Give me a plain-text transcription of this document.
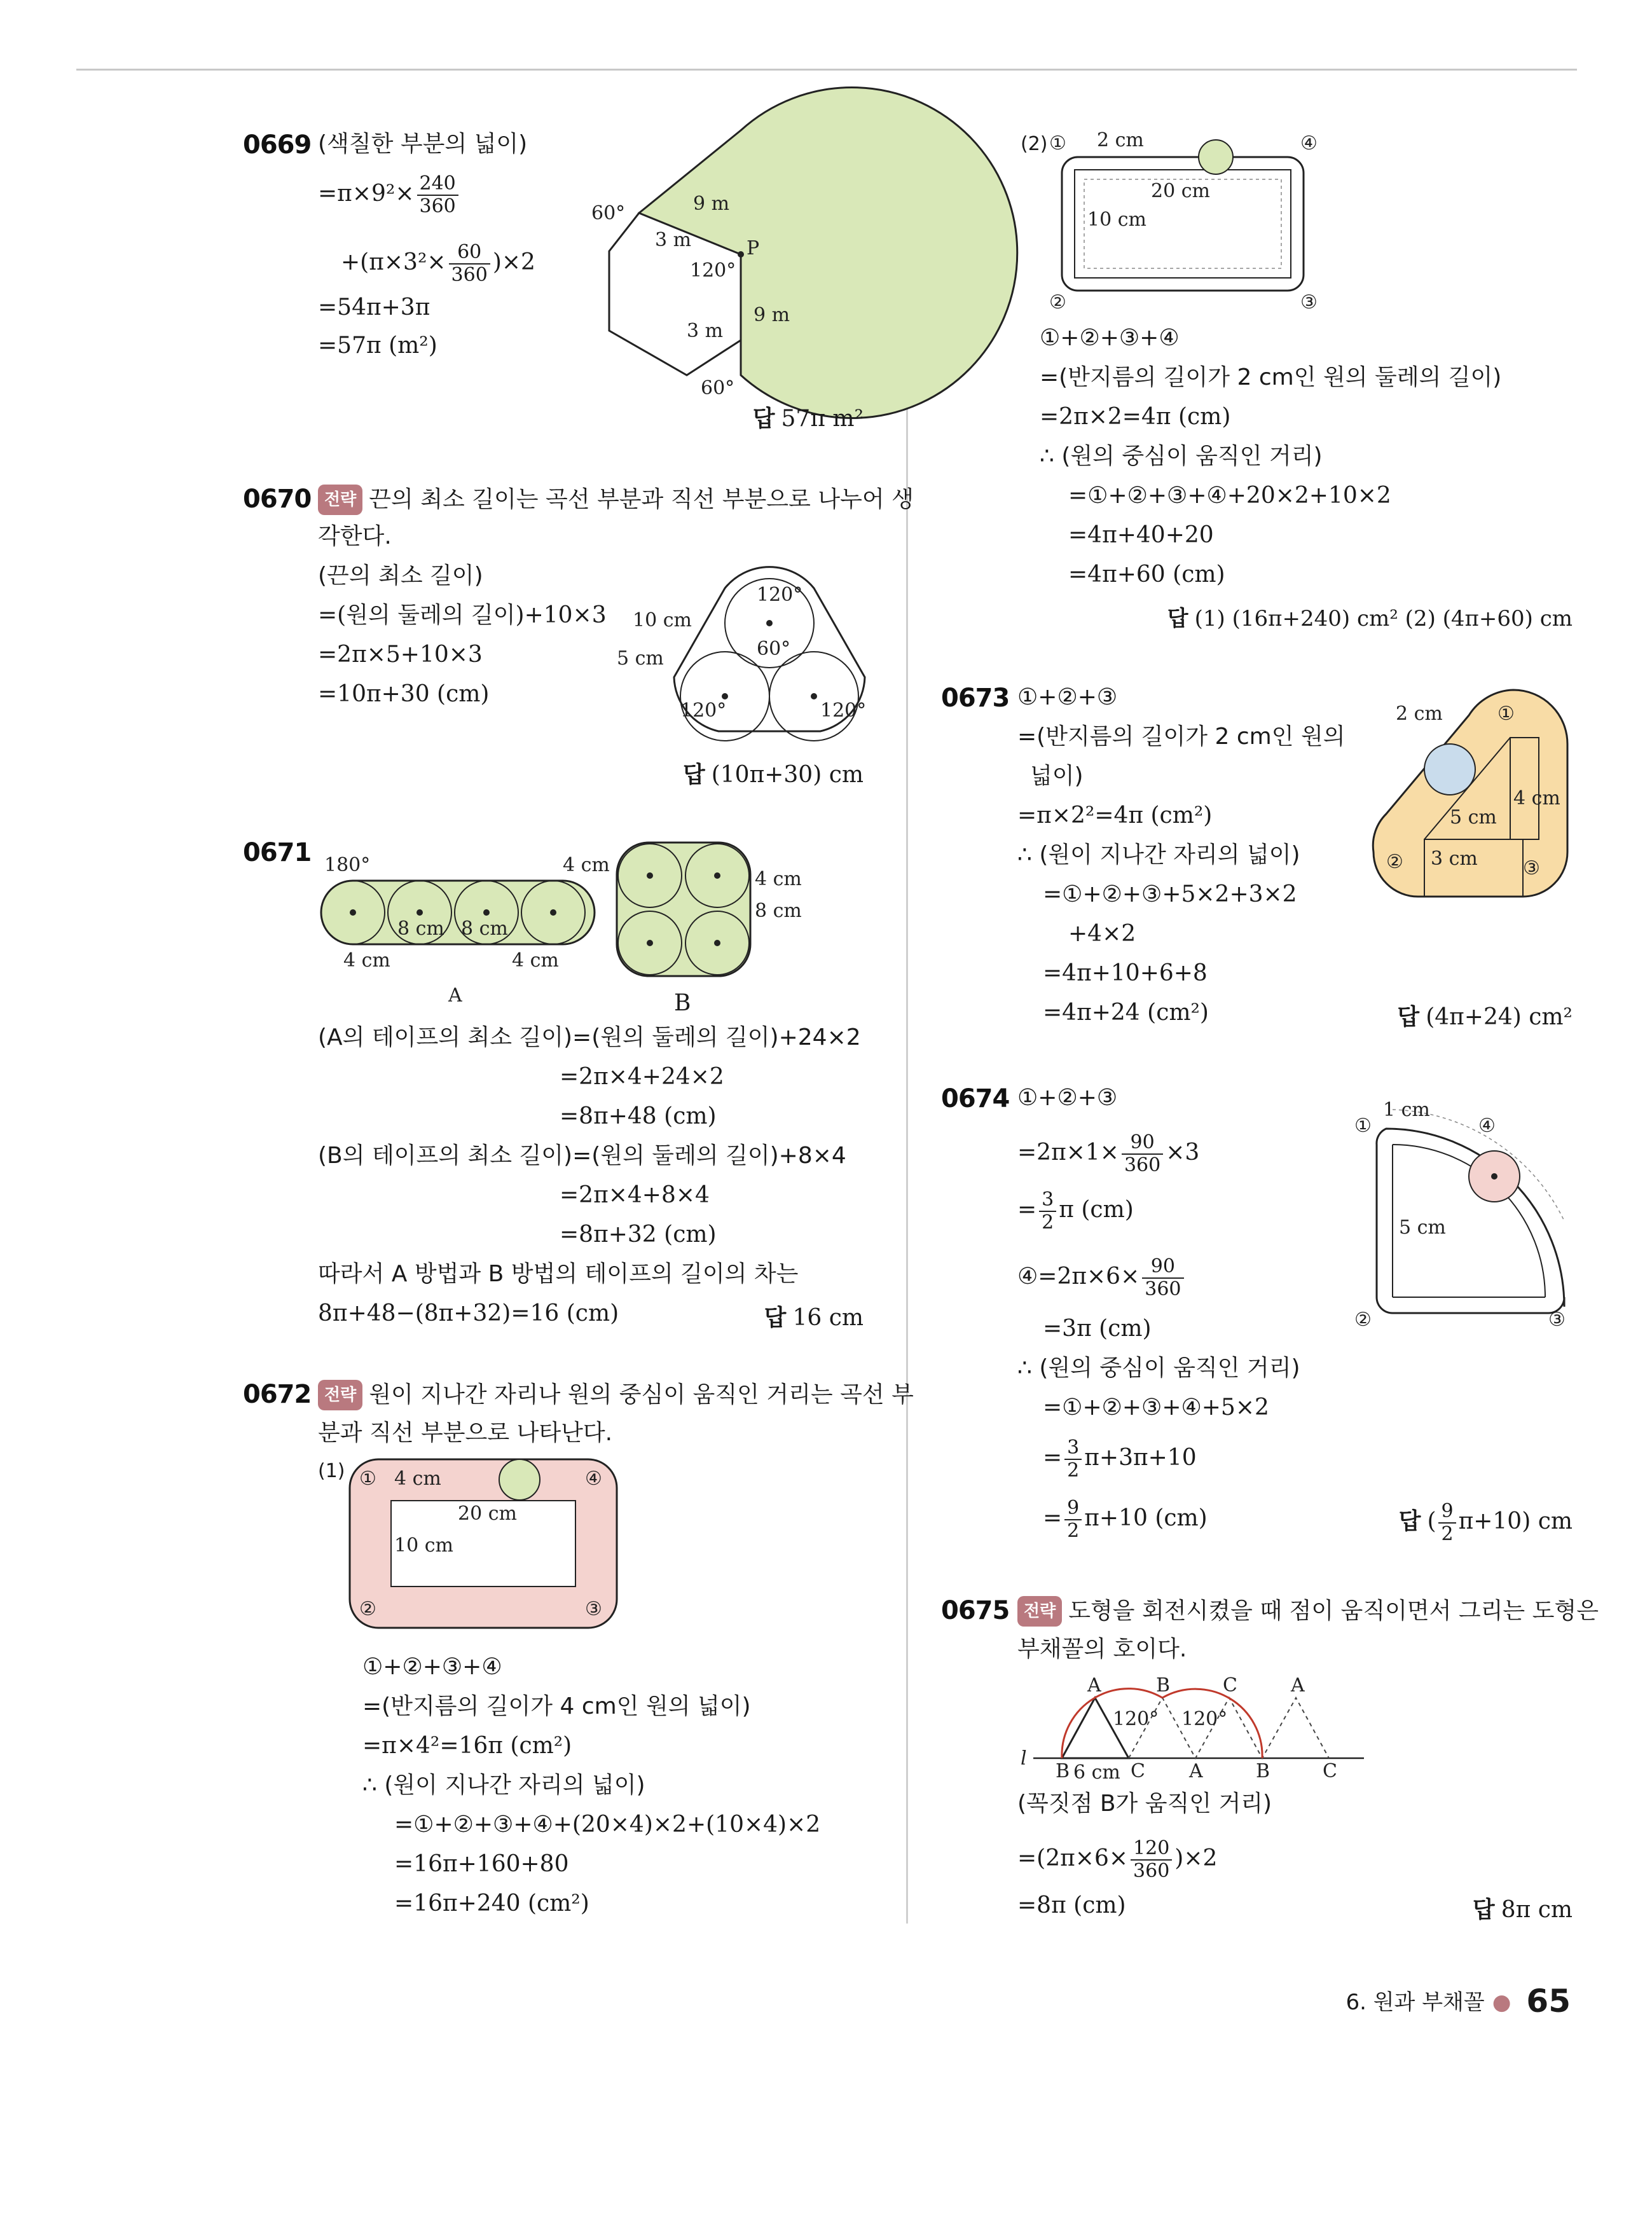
0669 (색칠한 부분의 넓이)
$=\pi\times 9^2\times \frac{240}{360}$
$+(\pi\times 3^2\times \frac{60}{360} )\times 2$
=54π+3π
=57π (m²)
60°	9 m
3 m	P
120°
9 m
3 m
60°
답 57π m²
0670 전략 끈의 최소 길이는 곡선 부분과 직선 부분으로 나누어 생
각한다.
(끈의 최소 길이)
=(원의 둘레의 길이)+10×3
=2π×5+10×3
=10π+30 (cm)
120°
10 cm
60°
5 cm
120°	120°
답 (10π+30) cm
0671 180°	4 cm
8 cm 8 cm
4 cm	4 cm
A
4 cm
8 cm
B
(A의 테이프의 최소 길이)=(원의 둘레의 길이)+24×2
=2π×4+24×2
=8π+48 (cm)
(B의 테이프의 최소 길이)=(원의 둘레의 길이)+8×4
=2π×4+8×4
=8π+32 (cm)
따라서 A 방법과 B 방법의 테이프의 길이의 차는
8π+48−(8π+32)=16 (cm)	답 16 cm
0672 전략 원이 지나간 자리나 원의 중심이 움직인 거리는 곡선 부
분과 직선 부분으로 나타난다.
(1) ①	④
②	③
4 cm
20 cm
10 cm
①+②+③+④
=(반지름의 길이가 4 cm인 원의 넓이)
=π×4²=16π (cm²)
∴ (원이 지나간 자리의 넓이)
=①+②+③+④+(20×4)×2+(10×4)×2
=16π+160+80
=16π+240 (cm²)
(2) ①	④
②	③
2 cm
20 cm
10 cm
①+②+③+④
=(반지름의 길이가 2 cm인 원의 둘레의 길이)
=2π×2=4π (cm)
∴ (원의 중심이 움직인 거리)
=①+②+③+④+20×2+10×2
=4π+40+20
=4π+60 (cm)
답 (1) (16π+240) cm² (2) (4π+60) cm
0673 ①+②+③
=(반지름의 길이가 2 cm인 원의
넓이)
=π×2²=4π (cm²)
∴ (원이 지나간 자리의 넓이)
=①+②+③+5×2+3×2
+4×2
=4π+10+6+8
=4π+24 (cm²)
2 cm	①
4 cm
5 cm
3 cm
②	③
답 (4π+24) cm²
0674 ①+②+③
$=2\pi\times 1\times \frac{90}{360} \times 3$
= $\frac{3}{2}$ π (cm)
④=2π×6× $\frac{90}{360}$
=3π (cm)
∴ (원의 중심이 움직인 거리)
=①+②+③+④+5×2
= $\frac{3}{2} \pi+3\pi+10$
= $\frac{9}{2} \pi+10$ (cm)
1 cm
①	④
5 cm
②	③
답 ( $\frac{9}{2} \pi+10$) cm
0675 전략 도형을 회전시켰을 때 점이 움직이면서 그리는 도형은
부채꼴의 호이다.
A	B	C	A
120° 120°
l
B 6 cm C A	B	C
(꼭짓점 B가 움직인 거리)
$=(2\pi\times 6\times \frac{120}{360} )\times 2$
=8π (cm)	답 8π cm
6. 원과 부채꼴 ● 65
